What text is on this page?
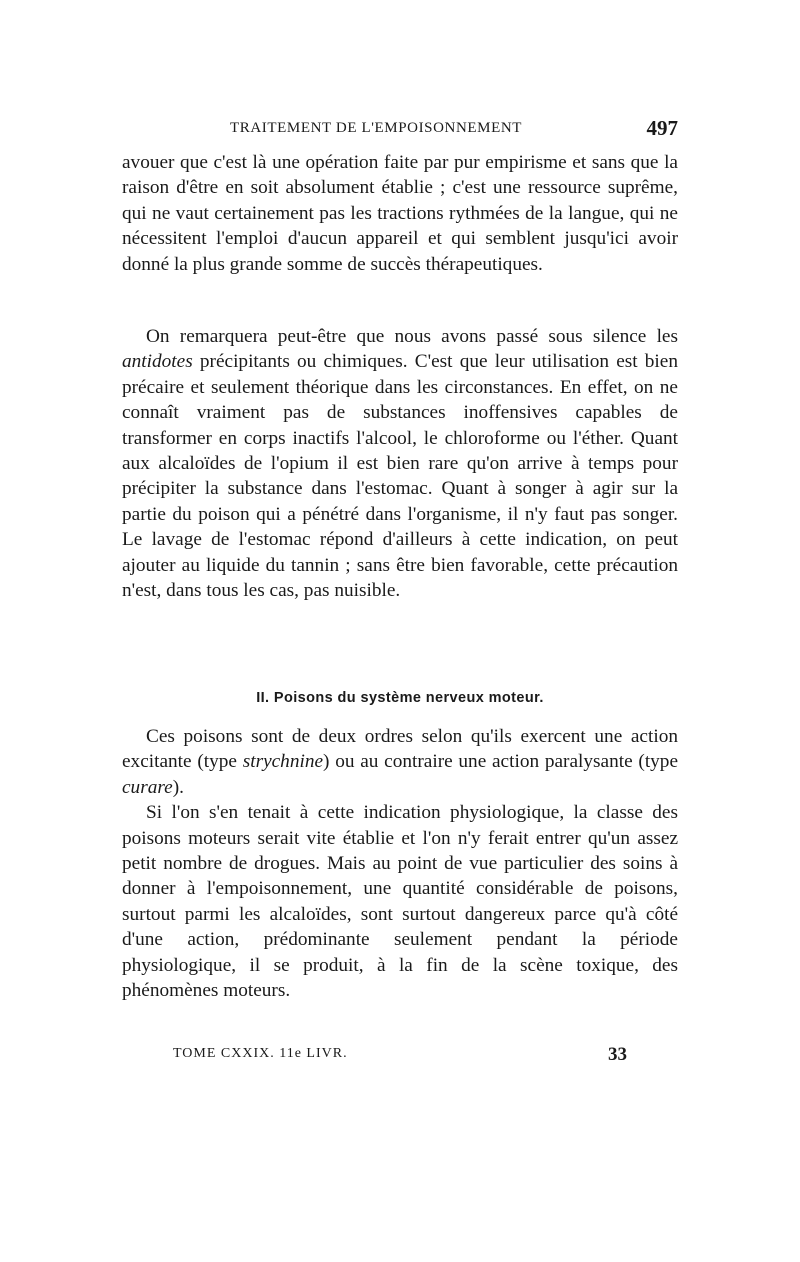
TRAITEMENT DE L'EMPOISONNEMENT	497

avouer que c'est là une opération faite par pur empirisme et sans que la raison d'être en soit absolument établie ; c'est une ressource suprême, qui ne vaut certainement pas les tractions rythmées de la langue, qui ne nécessitent l'emploi d'aucun appareil et qui semblent jusqu'ici avoir donné la plus grande somme de succès thérapeutiques.

On remarquera peut-être que nous avons passé sous silence les antidotes précipitants ou chimiques. C'est que leur utilisation est bien précaire et seulement théorique dans les circonstances. En effet, on ne connaît vraiment pas de substances inoffensives capables de transformer en corps inactifs l'alcool, le chloroforme ou l'éther. Quant aux alcaloïdes de l'opium il est bien rare qu'on arrive à temps pour précipiter la substance dans l'estomac. Quant à songer à agir sur la partie du poison qui a pénétré dans l'organisme, il n'y faut pas songer. Le lavage de l'estomac répond d'ailleurs à cette indication, on peut ajouter au liquide du tannin ; sans être bien favorable, cette précaution n'est, dans tous les cas, pas nuisible.

II. Poisons du système nerveux moteur.

Ces poisons sont de deux ordres selon qu'ils exercent une action excitante (type strychnine) ou au contraire une action paralysante (type curare).

Si l'on s'en tenait à cette indication physiologique, la classe des poisons moteurs serait vite établie et l'on n'y ferait entrer qu'un assez petit nombre de drogues. Mais au point de vue particulier des soins à donner à l'empoisonnement, une quantité considérable de poisons, surtout parmi les alcaloïdes, sont surtout dangereux parce qu'à côté d'une action, prédominante seulement pendant la période physiologique, il se produit, à la fin de la scène toxique, des phénomènes moteurs.

TOME CXXIX. 11e LIVR.	33
